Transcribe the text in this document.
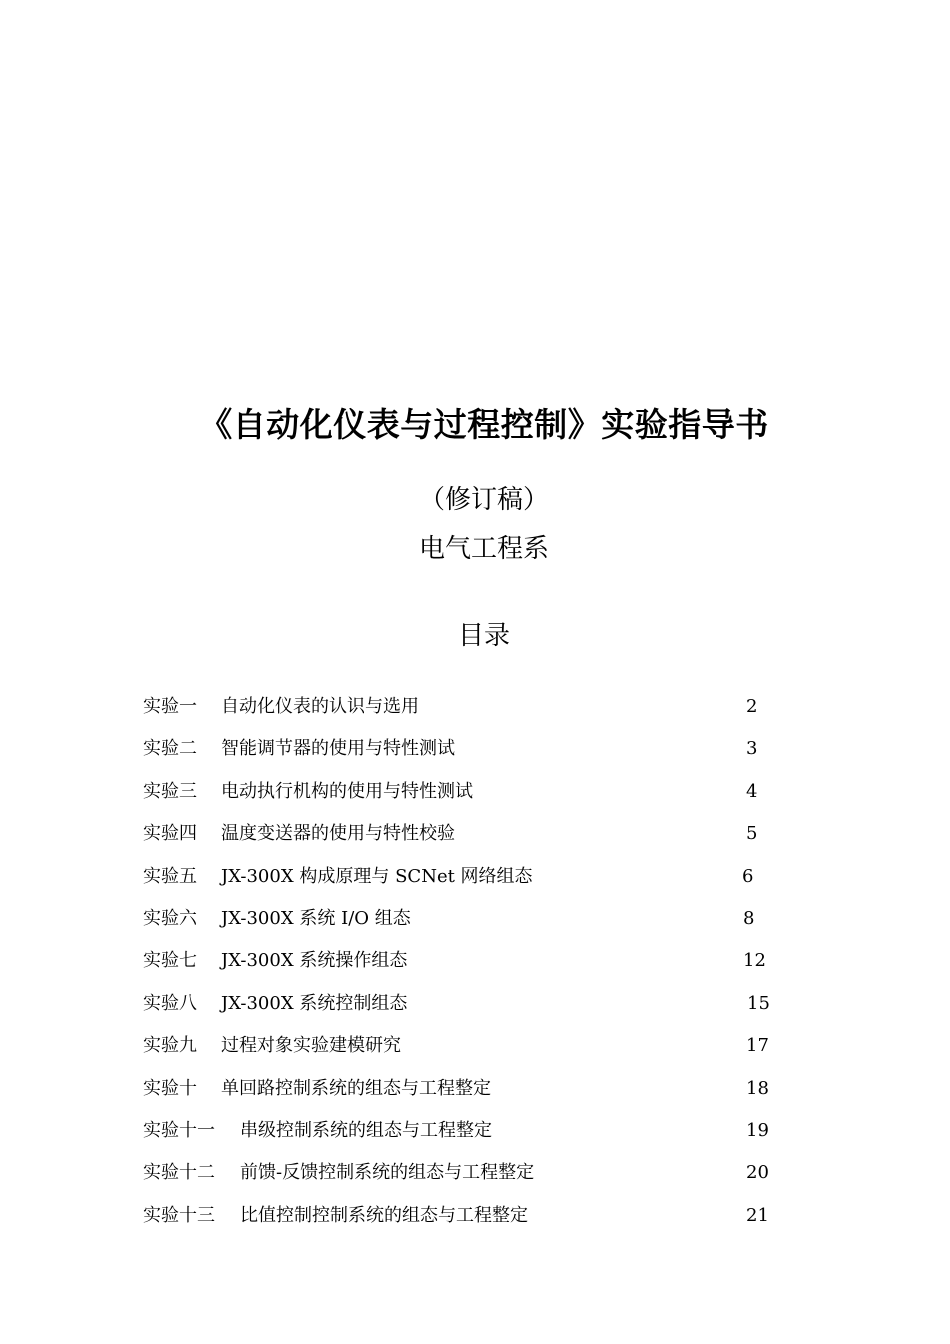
《自动化仪表与过程控制》实验指导书
（修订稿）
电气工程系
目录
实验一 自动化仪表的认识与选用	2
实验二 智能调节器的使用与特性测试	3
实验三 电动执行机构的使用与特性测试	4
实验四 温度变送器的使用与特性校验	5
实验五 JX-300X 构成原理与 SCNet 网络组态	6
实验六 JX-300X 系统 I/O 组态	8
实验七 JX-300X 系统操作组态	12
实验八 JX-300X 系统控制组态	15
实验九 过程对象实验建模研究	17
实验十 单回路控制系统的组态与工程整定	18
实验十一 串级控制系统的组态与工程整定	19
实验十二 前馈-反馈控制系统的组态与工程整定	20
实验十三 比值控制控制系统的组态与工程整定	21
